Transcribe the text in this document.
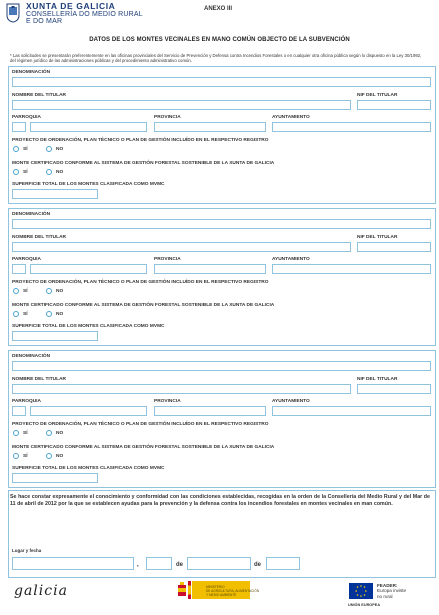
XUNTA DE GALICIA
CONSELLERÍA DO MEDIO RURAL
E DO MAR
ANEXO III
DATOS DE LOS MONTES VECINALES EN MANO COMÚN OBJECTO DE LA SUBVENCIÓN
* Las solicitudes se presentarán preferentemente en las oficinas provinciales del Servicio de Prevención y Defensa contra Incendios Forestales o en cualquier otra oficina pública según lo dispuesto en la Ley 30/1992, del régimen jurídico de las administraciones públicas y del procedimiento administrativo común.
DENOMINACIÓN
NOMBRE DEL TITULAR	NIF DEL TITULAR
PARROQUIA	PROVINCIA	AYUNTAMIENTO
PROYECTO DE ORDENACIÓN, PLAN TÉCNICO O PLAN DE GESTIÓN INCLUÍDO EN EL RESPECTIVO REGISTRO
SÍ	NO
MONTE CERTIFICADO CONFORME AL SISTEMA DE GESTIÓN FORESTAL SOSTENIBLE DE LA XUNTA DE GALICIA
SÍ	NO
SUPERFICIE TOTAL DE LOS MONTES CLASIFICADA COMO MVMC
DENOMINACIÓN
NOMBRE DEL TITULAR	NIF DEL TITULAR
PARROQUIA	PROVINCIA	AYUNTAMIENTO
PROYECTO DE ORDENACIÓN, PLAN TÉCNICO O PLAN DE GESTIÓN INCLUÍDO EN EL RESPECTIVO REGISTRO
SÍ	NO
MONTE CERTIFICADO CONFORME AL SISTEMA DE GESTIÓN FORESTAL SOSTENIBLE DE LA XUNTA DE GALICIA
SÍ	NO
SUPERFICIE TOTAL DE LOS MONTES CLASIFICADA COMO MVMC
DENOMINACIÓN
NOMBRE DEL TITULAR	NIF DEL TITULAR
PARROQUIA	PROVINCIA	AYUNTAMIENTO
PROYECTO DE ORDENACIÓN, PLAN TÉCNICO O PLAN DE GESTIÓN INCLUÍDO EN EL RESPECTIVO REGISTRO
SÍ	NO
MONTE CERTIFICADO CONFORME AL SISTEMA DE GESTIÓN FORESTAL SOSTENIBLE DE LA XUNTA DE GALICIA
SÍ	NO
SUPERFICIE TOTAL DE LOS MONTES CLASIFICADA COMO MVMC
Se hace constar expresamente el conocimiento y conformidad con las condiciones establecidas, recogidas en la orden de la Consellería del Medio Rural y del Mar de 11 de abril de 2012 por la que se establecen ayudas para la prevención y la defensa contra los incendios forestales en montes vecinales en man común.
Lugar y fecha
,	de	de
galicia	MINISTERIO
DE AGRICULTURA, ALIMENTACIÓN
Y MEDIO AMBIENTE
FEADER:
Europa inviste
no rural
UNIÓN EUROPEA
